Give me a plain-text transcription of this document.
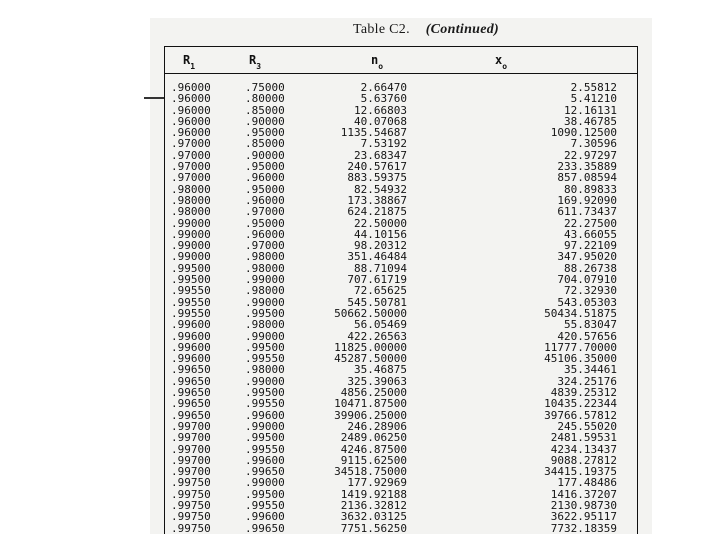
Table C2. (Continued)
$R_1$	$R_3$	$n_o$	$x_o$
.96000	.75000	2.66470	2.55812
.96000	.80000	5.63760	5.41210
.96000	.85000	12.66803	12.16131
.96000	.90000	40.07068	38.46785
.96000	.95000	1135.54687	1090.12500
.97000	.85000	7.53192	7.30596
.97000	.90000	23.68347	22.97297
.97000	.95000	240.57617	233.35889
.97000	.96000	883.59375	857.08594
.98000	.95000	82.54932	80.89833
.98000	.96000	173.38867	169.92090
.98000	.97000	624.21875	611.73437
.99000	.95000	22.50000	22.27500
.99000	.96000	44.10156	43.66055
.99000	.97000	98.20312	97.22109
.99000	.98000	351.46484	347.95020
.99500	.98000	88.71094	88.26738
.99500	.99000	707.61719	704.07910
.99550	.98000	72.65625	72.32930
.99550	.99000	545.50781	543.05303
.99550	.99500	50662.50000	50434.51875
.99600	.98000	56.05469	55.83047
.99600	.99000	422.26563	420.57656
.99600	.99500	11825.00000	11777.70000
.99600	.99550	45287.50000	45106.35000
.99650	.98000	35.46875	35.34461
.99650	.99000	325.39063	324.25176
.99650	.99500	4856.25000	4839.25312
.99650	.99550	10471.87500	10435.22344
.99650	.99600	39906.25000	39766.57812
.99700	.99000	246.28906	245.55020
.99700	.99500	2489.06250	2481.59531
.99700	.99550	4246.87500	4234.13437
.99700	.99600	9115.62500	9088.27812
.99700	.99650	34518.75000	34415.19375
.99750	.99000	177.92969	177.48486
.99750	.99500	1419.92188	1416.37207
.99750	.99550	2136.32812	2130.98730
.99750	.99600	3632.03125	3622.95117
.99750	.99650	7751.56250	7732.18359
